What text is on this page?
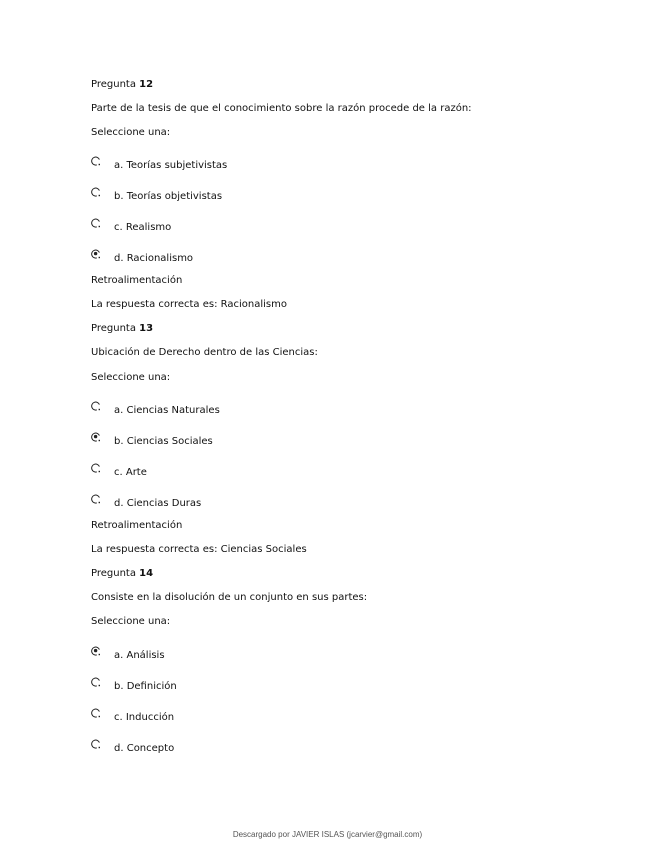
Pregunta 12
Parte de la tesis de que el conocimiento sobre la razón procede de la razón:
Seleccione una:
a. Teorías subjetivistas
b. Teorías objetivistas
c. Realismo
d. Racionalismo
Retroalimentación
La respuesta correcta es: Racionalismo
Pregunta 13
Ubicación de Derecho dentro de las Ciencias:
Seleccione una:
a. Ciencias Naturales
b. Ciencias Sociales
c. Arte
d. Ciencias Duras
Retroalimentación
La respuesta correcta es: Ciencias Sociales
Pregunta 14
Consiste en la disolución de un conjunto en sus partes:
Seleccione una:
a. Análisis
b. Definición
c. Inducción
d. Concepto
Descargado por JAVIER ISLAS (jcarvier@gmail.com)
